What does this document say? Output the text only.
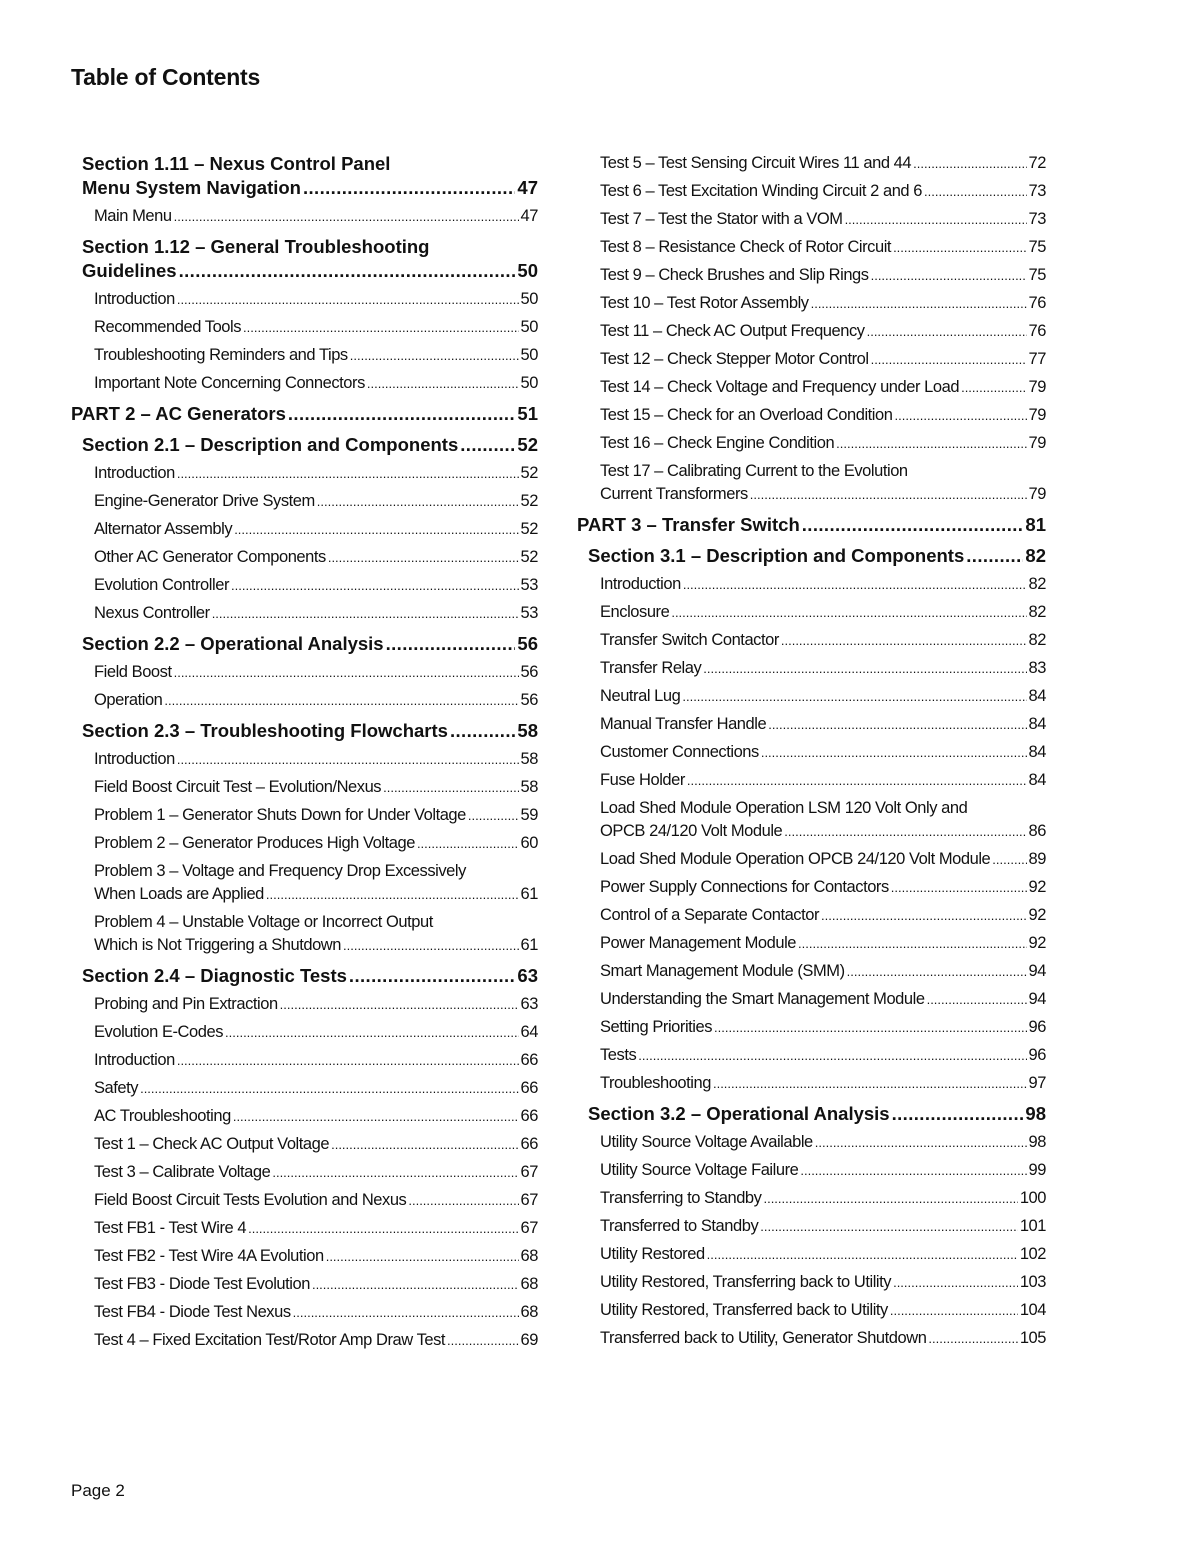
Table of Contents
Section 1.11 – Nexus Control Panel
Menu System Navigation .....	47
Main Menu .....	47
Section 1.12 – General Troubleshooting
Guidelines .....	50
Introduction .....	50
Recommended Tools .....	50
Troubleshooting Reminders and Tips .....	50
Important Note Concerning Connectors .....	50
PART 2 – AC Generators .....	51
Section 2.1 – Description and Components .....	52
Introduction .....	52
Engine-Generator Drive System .....	52
Alternator Assembly .....	52
Other AC Generator Components .....	52
Evolution Controller .....	53
Nexus Controller .....	53
Section 2.2 – Operational Analysis .....	56
Field Boost .....	56
Operation .....	56
Section 2.3 – Troubleshooting Flowcharts .....	58
Introduction .....	58
Field Boost Circuit Test – Evolution/Nexus .....	58
Problem 1 – Generator Shuts Down for Under Voltage .....	59
Problem 2 – Generator Produces High Voltage .....	60
Problem 3 – Voltage and Frequency Drop Excessively
When Loads are Applied .....	61
Problem 4 – Unstable Voltage or Incorrect Output
Which is Not Triggering a Shutdown .....	61
Section 2.4 – Diagnostic Tests .....	63
Probing and Pin Extraction .....	63
Evolution E-Codes .....	64
Introduction .....	66
Safety .....	66
AC Troubleshooting .....	66
Test 1 – Check AC Output Voltage .....	66
Test 3 – Calibrate Voltage .....	67
Field Boost Circuit Tests Evolution and Nexus .....	67
Test FB1 - Test Wire 4 .....	67
Test FB2 - Test Wire 4A Evolution .....	68
Test FB3 - Diode Test Evolution .....	68
Test FB4 - Diode Test Nexus .....	68
Test 4 – Fixed Excitation Test/Rotor Amp Draw Test .....	69
Test 5 – Test Sensing Circuit Wires 11 and 44 .....	72
Test 6 – Test Excitation Winding Circuit 2 and 6 .....	73
Test 7 – Test the Stator with a VOM .....	73
Test 8 – Resistance Check of Rotor Circuit .....	75
Test 9 – Check Brushes and Slip Rings .....	75
Test 10 – Test Rotor Assembly .....	76
Test 11 – Check AC Output Frequency .....	76
Test 12 – Check Stepper Motor Control .....	77
Test 14 – Check Voltage and Frequency under Load .....	79
Test 15 – Check for an Overload Condition .....	79
Test 16 – Check Engine Condition .....	79
Test 17 – Calibrating Current to the Evolution
Current Transformers .....	79
PART 3 – Transfer Switch .....	81
Section 3.1 – Description and Components .....	82
Introduction .....	82
Enclosure .....	82
Transfer Switch Contactor .....	82
Transfer Relay .....	83
Neutral Lug .....	84
Manual Transfer Handle .....	84
Customer Connections .....	84
Fuse Holder .....	84
Load Shed Module Operation LSM 120 Volt Only and
OPCB 24/120 Volt Module .....	86
Load Shed Module Operation OPCB 24/120 Volt Module ..... 89
Power Supply Connections for Contactors .....	92
Control of a Separate Contactor .....	92
Power Management Module .....	92
Smart Management Module (SMM) .....	94
Understanding the Smart Management Module .....	94
Setting Priorities .....	96
Tests .....	96
Troubleshooting .....	97
Section 3.2 – Operational Analysis .....	98
Utility Source Voltage Available .....	98
Utility Source Voltage Failure .....	99
Transferring to Standby .....	100
Transferred to Standby .....	101
Utility Restored .....	102
Utility Restored, Transferring back to Utility .....	103
Utility Restored, Transferred back to Utility .....	104
Transferred back to Utility, Generator Shutdown .....	105
Page 2
